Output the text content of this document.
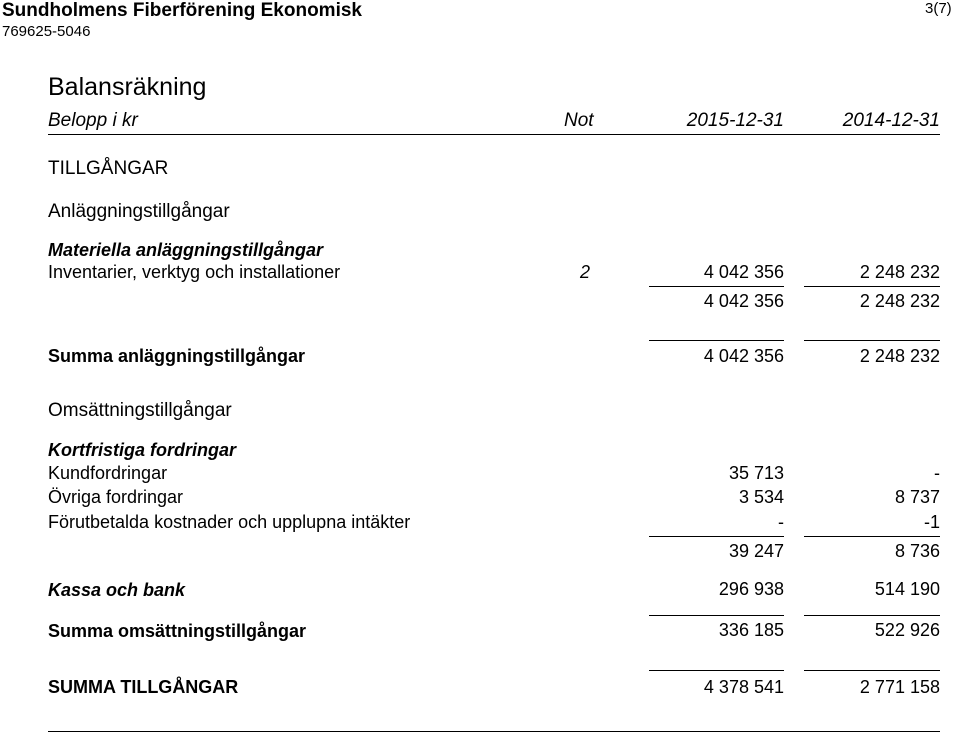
Sundholmens Fiberförening Ekonomisk
769625-5046
3(7)
Balansräkning
Belopp i kr	Not	2015-12-31	2014-12-31
TILLGÅNGAR
Anläggningstillgångar
Materiella anläggningstillgångar
Inventarier, verktyg och installationer	2	4 042 356	2 248 232
4 042 356	2 248 232
Summa anläggningstillgångar	4 042 356	2 248 232
Omsättningstillgångar
Kortfristiga fordringar
Kundfordringar	35 713	-
Övriga fordringar	3 534	8 737
Förutbetalda kostnader och upplupna intäkter	-	-1
39 247	8 736
Kassa och bank	296 938	514 190
Summa omsättningstillgångar	336 185	522 926
SUMMA TILLGÅNGAR	4 378 541	2 771 158
